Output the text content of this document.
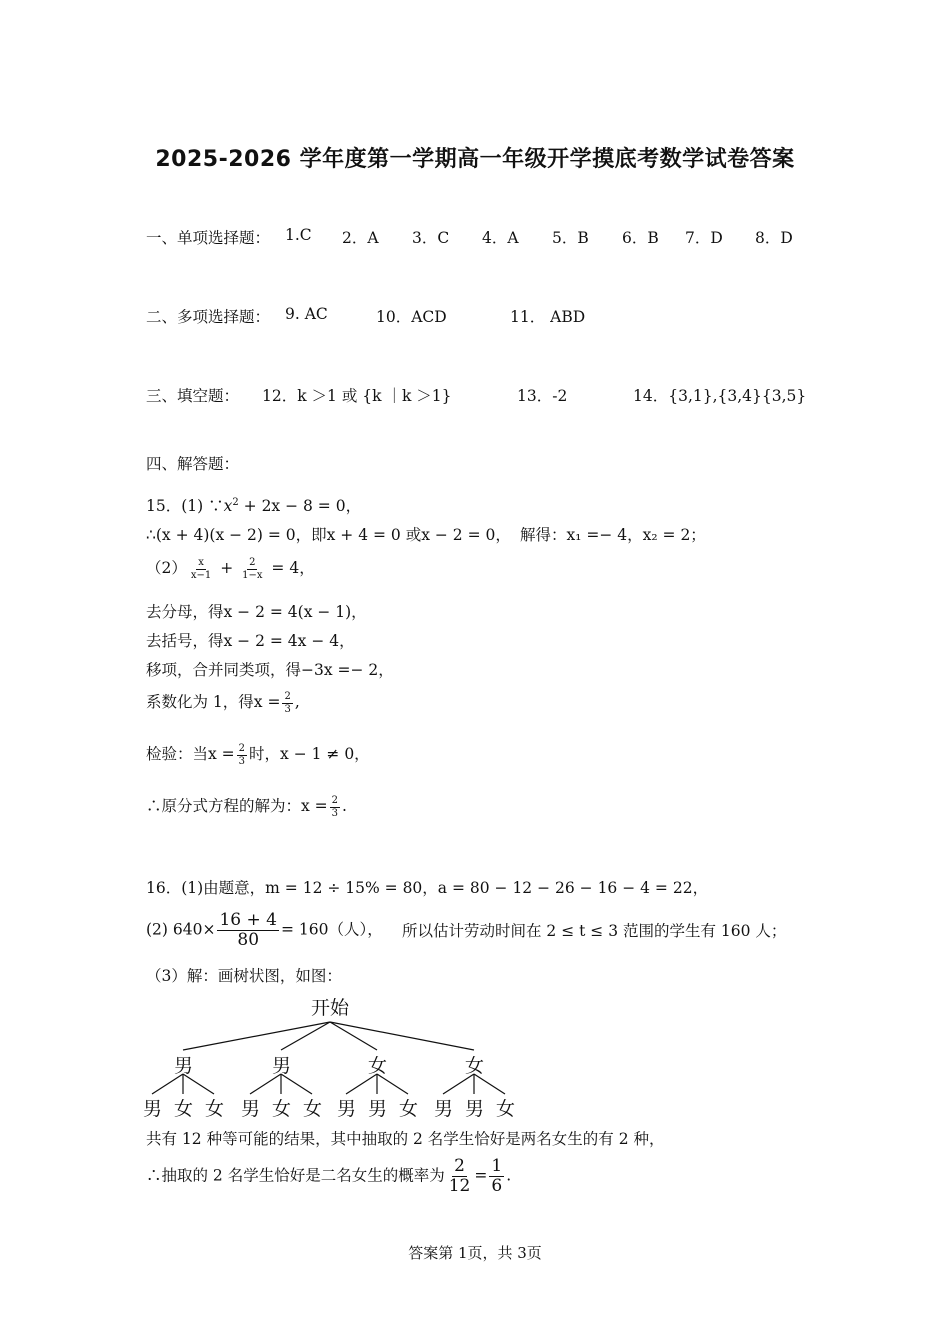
2025-2026 学年度第一学期高一年级开学摸底考数学试卷答案
一、单项选择题： 1.C 2．A 3．C 4．A 5．B 6．B 7．D 8．D
二、多项选择题： 9. AC	10．ACD	11． ABD
三、填空题： 12．k ＞1 或 {k ｜k ＞1}	13．-2	14．{3,1},{3,4}{3,5}
四、解答题：
15．(1) $\because x^2 + 2x - 8 = 0$，
∴(x + 4)(x − 2) = 0，即x + 4 = 0 或x − 2 = 0， 解得：x₁ =− 4，x₂ = 2；
$(2) \frac{x}{x-1} + \frac{2}{1-x} = 4$，
去分母，得x − 2 = 4(x − 1)，
去括号，得x − 2 = 4x − 4，
移项，合并同类项，得−3x =− 2，
系数化为 1，得$x = \frac{2}{3}$ ,
检验：当$x = \frac{2}{3}$ 时，x − 1 ≠ 0，
∴原分式方程的解为：$x = \frac{2}{3}$ .
16．(1)由题意，m = 12 ÷ 15% = 80，a = 80 − 12 − 26 − 16 − 4 = 22，
(2) $640\times \frac{16 + 4}{80} = 160$（人）， 所以估计劳动时间在 2 ≤ t ≤ 3 范围的学生有 160 人；
（3）解：画树状图，如图：
开始
男	男	女	女
男 女 女 男 女 女 男 男 女 男 男 女
共有 12 种等可能的结果，其中抽取的 2 名学生恰好是两名女生的有 2 种，
∴抽取的 2 名学生恰好是二名女生的概率为 $\frac{2}{12} = \frac{1}{6}$ .
答案第 1页，共 3页
